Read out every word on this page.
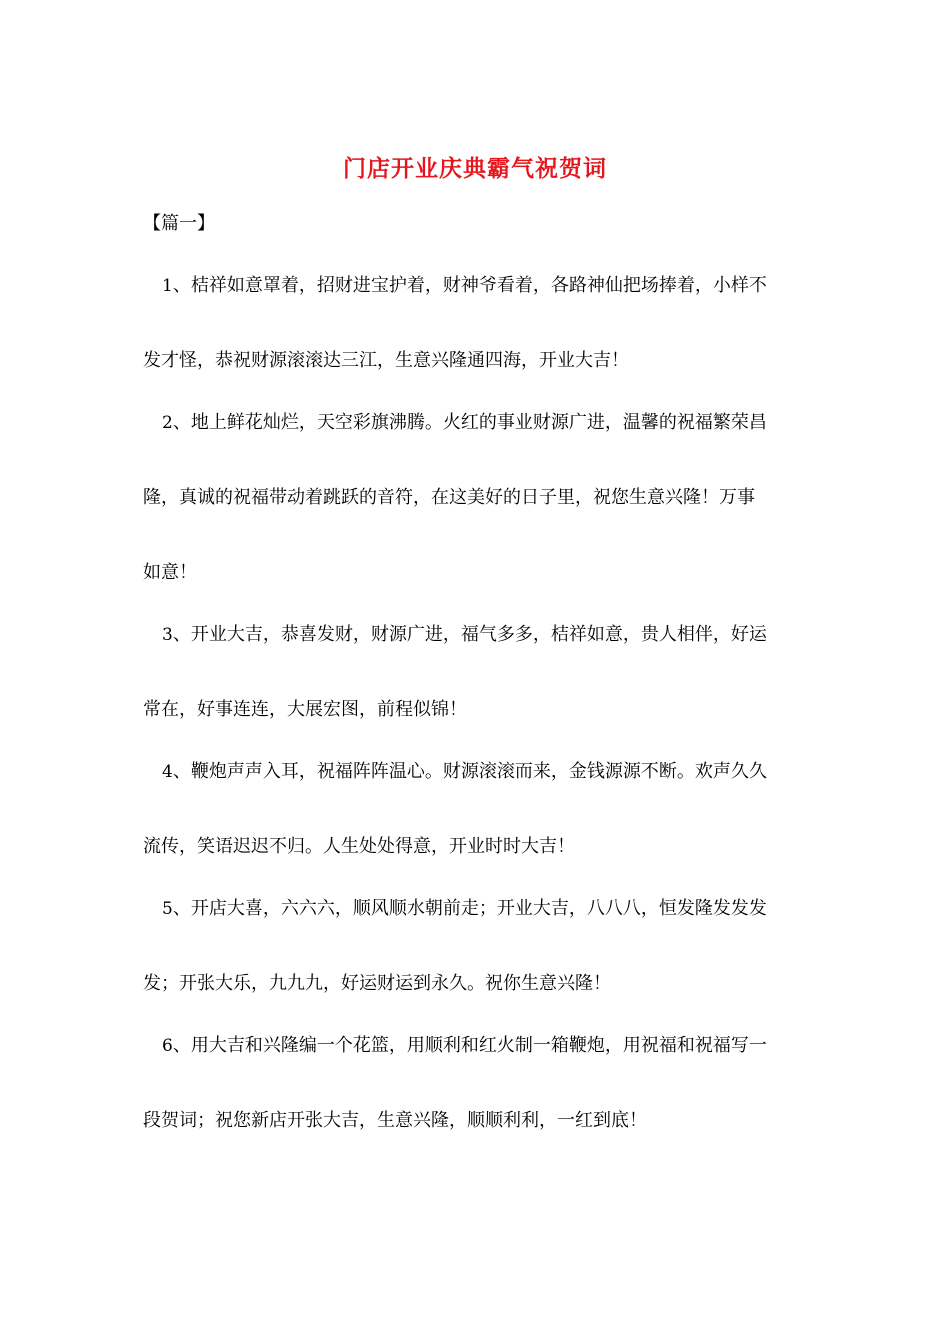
门店开业庆典霸气祝贺词
【篇一】
1、桔祥如意罩着，招财进宝护着，财神爷看着，各路神仙把场捧着，小样不
发才怪，恭祝财源滚滚达三江，生意兴隆通四海，开业大吉！
2、地上鲜花灿烂，天空彩旗沸腾。火红的事业财源广进，温馨的祝福繁荣昌
隆，真诚的祝福带动着跳跃的音符，在这美好的日子里，祝您生意兴隆！万事
如意！
3、开业大吉，恭喜发财，财源广进，福气多多，桔祥如意，贵人相伴，好运
常在，好事连连，大展宏图，前程似锦！
4、鞭炮声声入耳，祝福阵阵温心。财源滚滚而来，金钱源源不断。欢声久久
流传，笑语迟迟不归。人生处处得意，开业时时大吉！
5、开店大喜，六六六，顺风顺水朝前走；开业大吉，八八八，恒发隆发发发
发；开张大乐，九九九，好运财运到永久。祝你生意兴隆！
6、用大吉和兴隆编一个花篮，用顺利和红火制一箱鞭炮，用祝福和祝福写一
段贺词；祝您新店开张大吉，生意兴隆，顺顺利利，一红到底！
